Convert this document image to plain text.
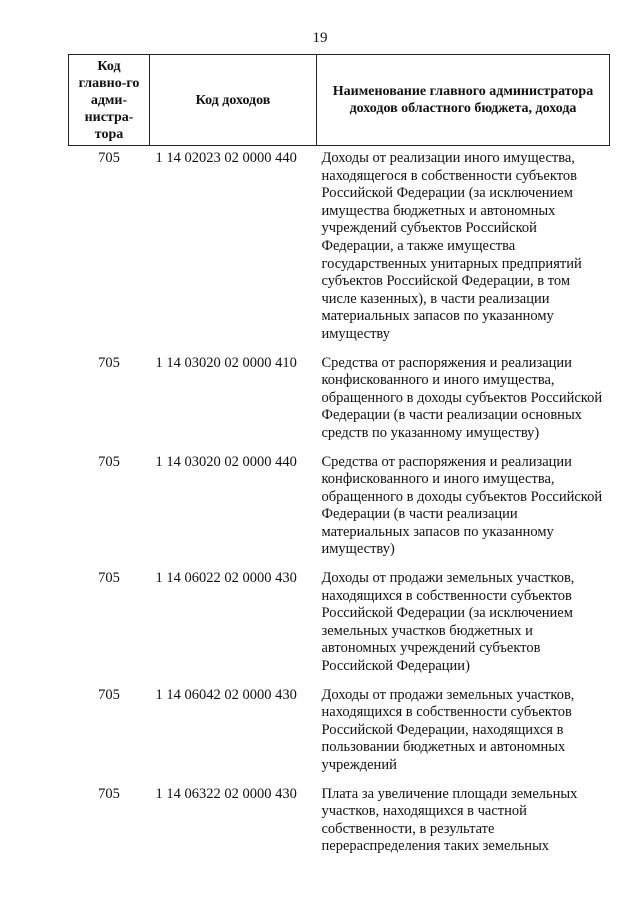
19
Код главно-го адми-нистра-тора	Код доходов	Наименование главного администратора доходов областного бюджета, дохода
705	1 14 02023 02 0000 440	Доходы от реализации иного имущества, находящегося в собственности субъектов Российской Федерации (за исключением имущества бюджетных и автономных учреждений субъектов Российской Федерации, а также имущества государственных унитарных предприятий субъектов Российской Федерации, в том числе казенных), в части реализации материальных запасов по указанному имуществу
705	1 14 03020 02 0000 410	Средства от распоряжения и реализации конфискованного и иного имущества, обращенного в доходы субъектов Российской Федерации (в части реализации основных средств по указанному имуществу)
705	1 14 03020 02 0000 440	Средства от распоряжения и реализации конфискованного и иного имущества, обращенного в доходы субъектов Российской Федерации (в части реализации материальных запасов по указанному имуществу)
705	1 14 06022 02 0000 430	Доходы от продажи земельных участков, находящихся в собственности субъектов Российской Федерации (за исключением земельных участков бюджетных и автономных учреждений субъектов Российской Федерации)
705	1 14 06042 02 0000 430	Доходы от продажи земельных участков, находящихся в собственности субъектов Российской Федерации, находящихся в пользовании бюджетных и автономных учреждений
705	1 14 06322 02 0000 430	Плата за увеличение площади земельных участков, находящихся в частной собственности, в результате перераспределения таких земельных
